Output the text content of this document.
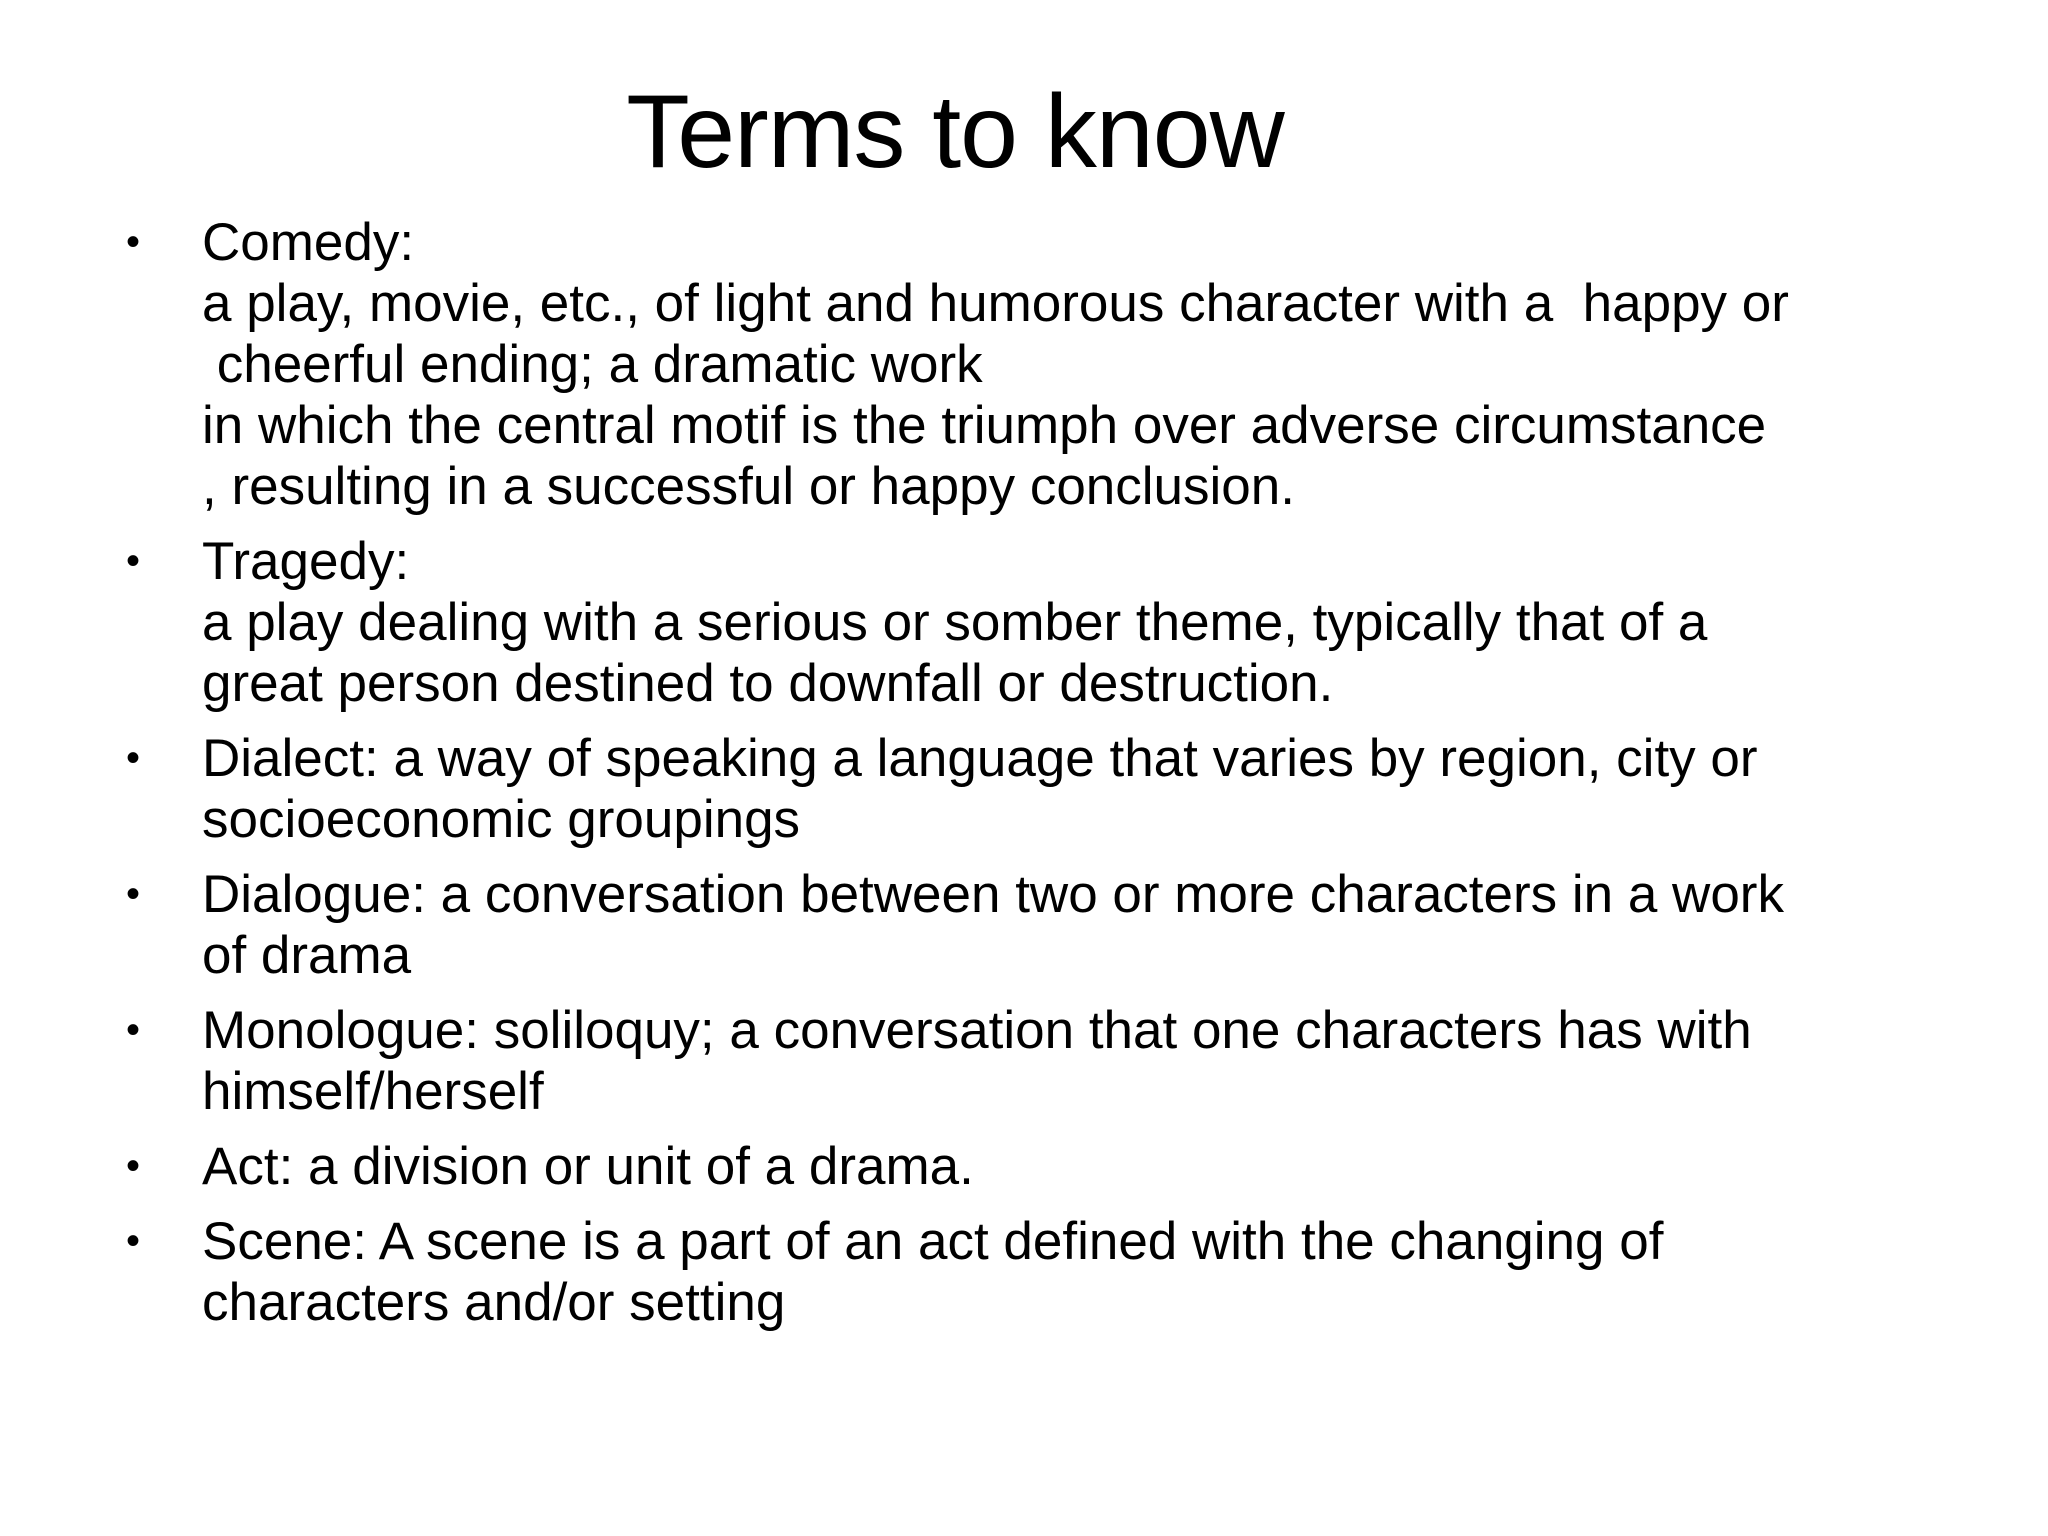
Terms to know
•	Comedy:
a play, movie, etc., of light and humorous character with a  happy or
cheerful ending; a dramatic work
in which the central motif is the triumph over adverse circumstance
, resulting in a successful or happy conclusion.
•	Tragedy:
a play dealing with a serious or somber theme, typically that of a
great person destined to downfall or destruction.
•	Dialect: a way of speaking a language that varies by region, city or
socioeconomic groupings
•	Dialogue: a conversation between two or more characters in a work
of drama
•	Monologue: soliloquy; a conversation that one characters has with
himself/herself
•	Act: a division or unit of a drama.
•	Scene: A scene is a part of an act defined with the changing of
characters and/or setting
